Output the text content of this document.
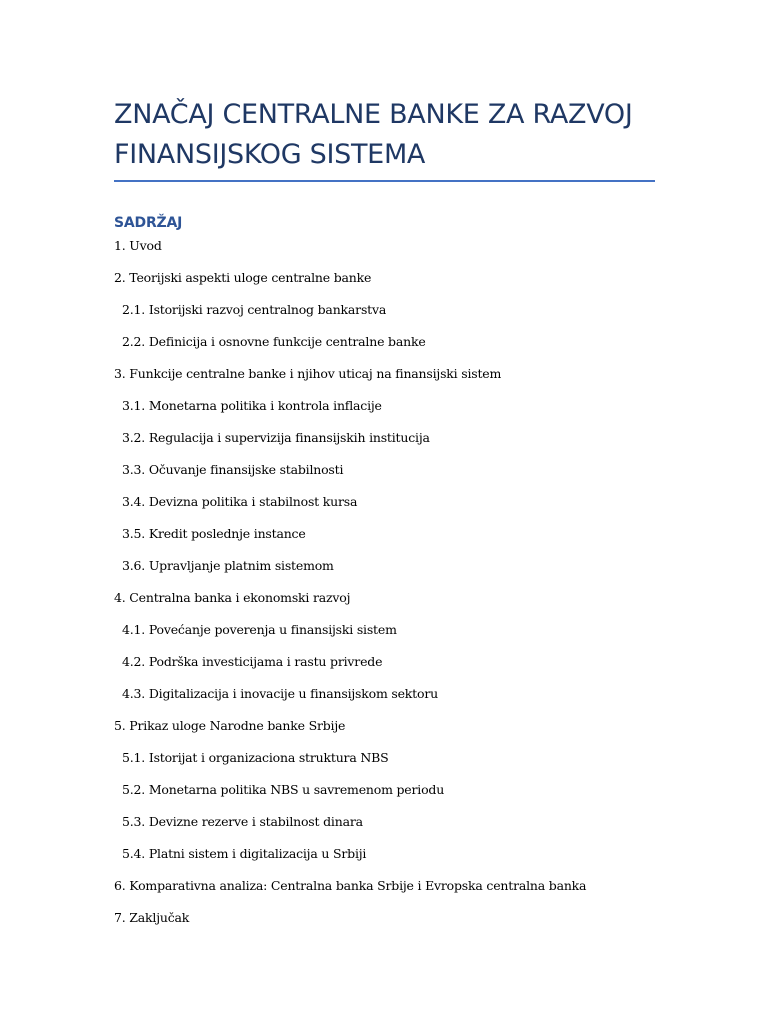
ZNAČAJ CENTRALNE BANKE ZA RAZVOJ FINANSIJSKOG SISTEMA
SADRŽAJ
1. Uvod
2. Teorijski aspekti uloge centralne banke
2.1. Istorijski razvoj centralnog bankarstva
2.2. Definicija i osnovne funkcije centralne banke
3. Funkcije centralne banke i njihov uticaj na finansijski sistem
3.1. Monetarna politika i kontrola inflacije
3.2. Regulacija i supervizija finansijskih institucija
3.3. Očuvanje finansijske stabilnosti
3.4. Devizna politika i stabilnost kursa
3.5. Kredit poslednje instance
3.6. Upravljanje platnim sistemom
4. Centralna banka i ekonomski razvoj
4.1. Povećanje poverenja u finansijski sistem
4.2. Podrška investicijama i rastu privrede
4.3. Digitalizacija i inovacije u finansijskom sektoru
5. Prikaz uloge Narodne banke Srbije
5.1. Istorijat i organizaciona struktura NBS
5.2. Monetarna politika NBS u savremenom periodu
5.3. Devizne rezerve i stabilnost dinara
5.4. Platni sistem i digitalizacija u Srbiji
6. Komparativna analiza: Centralna banka Srbije i Evropska centralna banka
7. Zaključak
